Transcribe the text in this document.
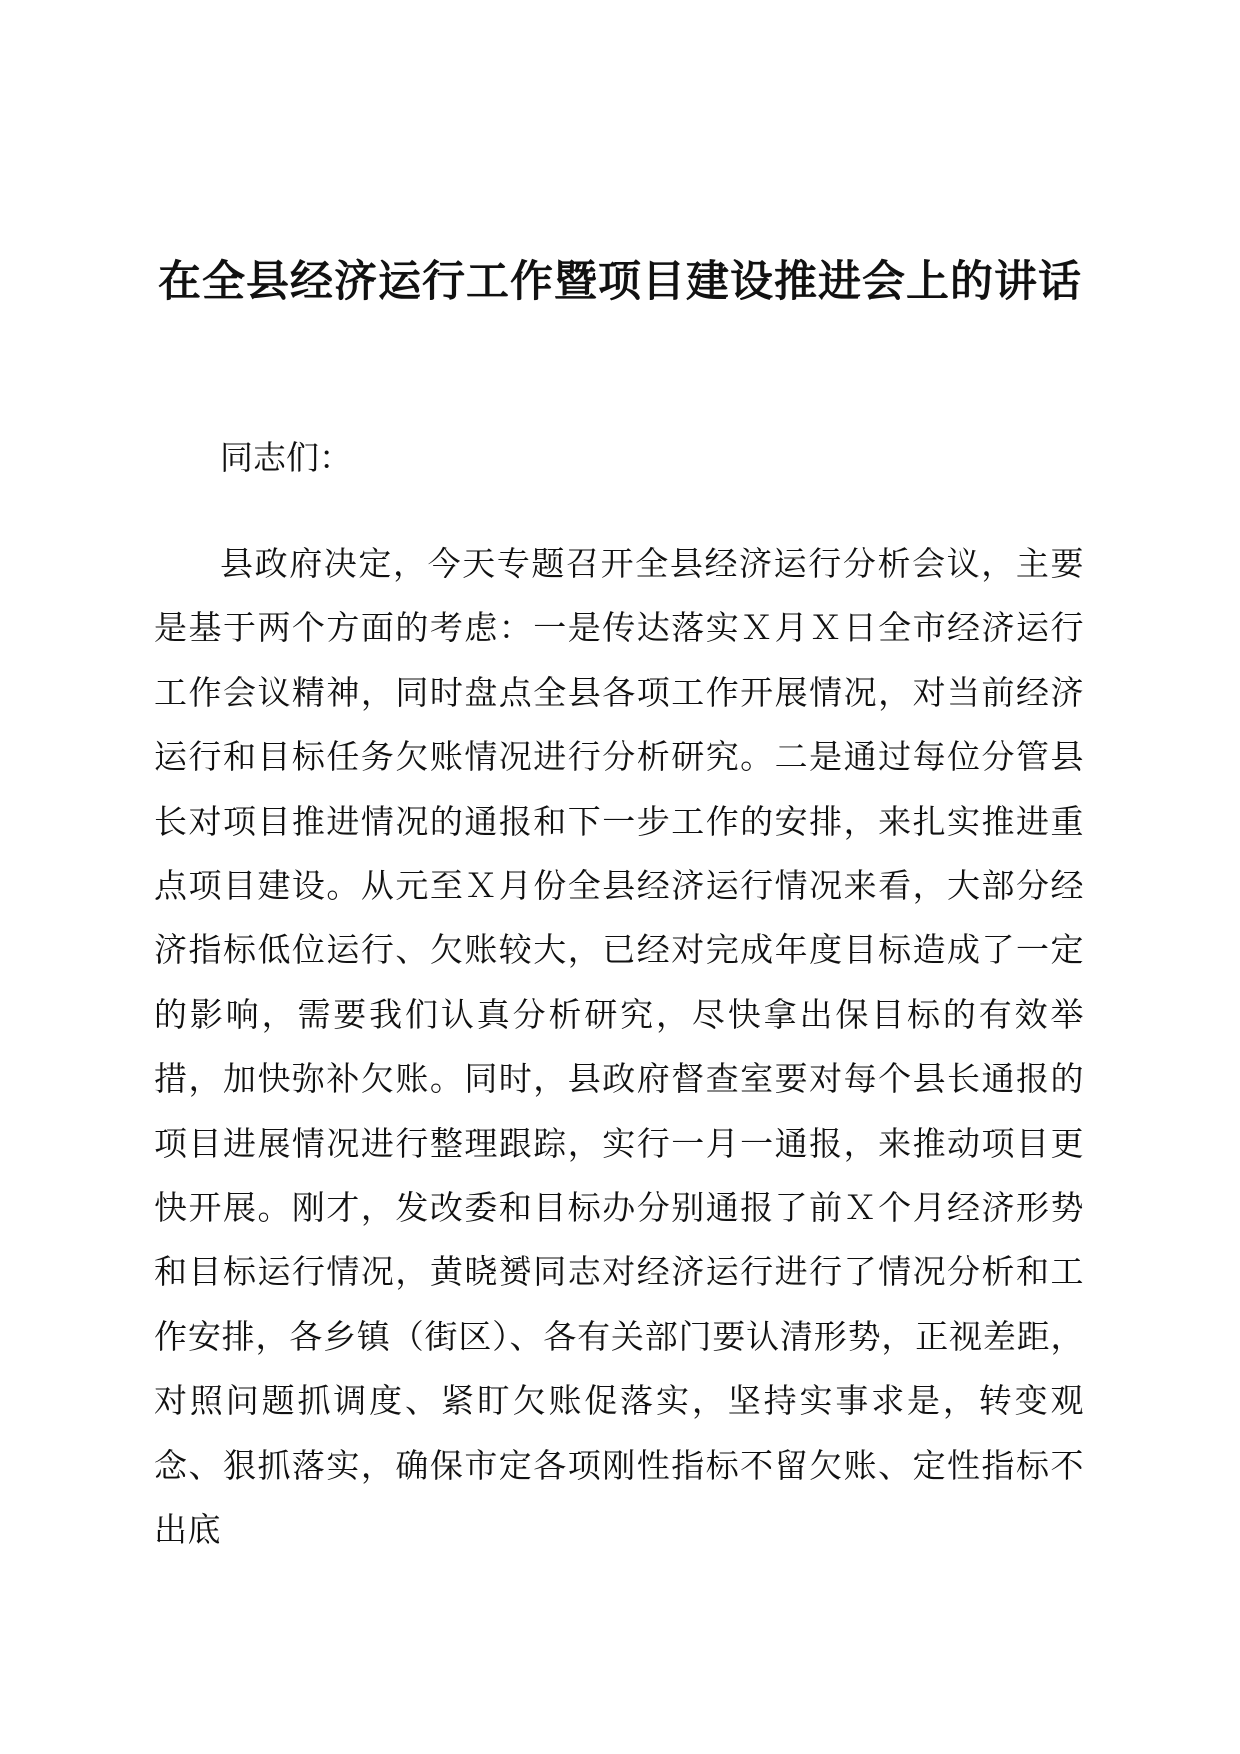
在全县经济运行工作暨项目建设推进会上的讲话

同志们：

县政府决定，今天专题召开全县经济运行分析会议，主要是基于两个方面的考虑：一是传达落实Ｘ月Ｘ日全市经济运行工作会议精神，同时盘点全县各项工作开展情况，对当前经济运行和目标任务欠账情况进行分析研究。二是通过每位分管县长对项目推进情况的通报和下一步工作的安排，来扎实推进重点项目建设。从元至Ｘ月份全县经济运行情况来看，大部分经济指标低位运行、欠账较大，已经对完成年度目标造成了一定的影响，需要我们认真分析研究，尽快拿出保目标的有效举措，加快弥补欠账。同时，县政府督查室要对每个县长通报的项目进展情况进行整理跟踪，实行一月一通报，来推动项目更快开展。刚才，发改委和目标办分别通报了前Ｘ个月经济形势和目标运行情况，黄晓赟同志对经济运行进行了情况分析和工作安排，各乡镇（街区）、各有关部门要认清形势，正视差距，对照问题抓调度、紧盯欠账促落实，坚持实事求是，转变观念、狠抓落实，确保市定各项刚性指标不留欠账、定性指标不出底
